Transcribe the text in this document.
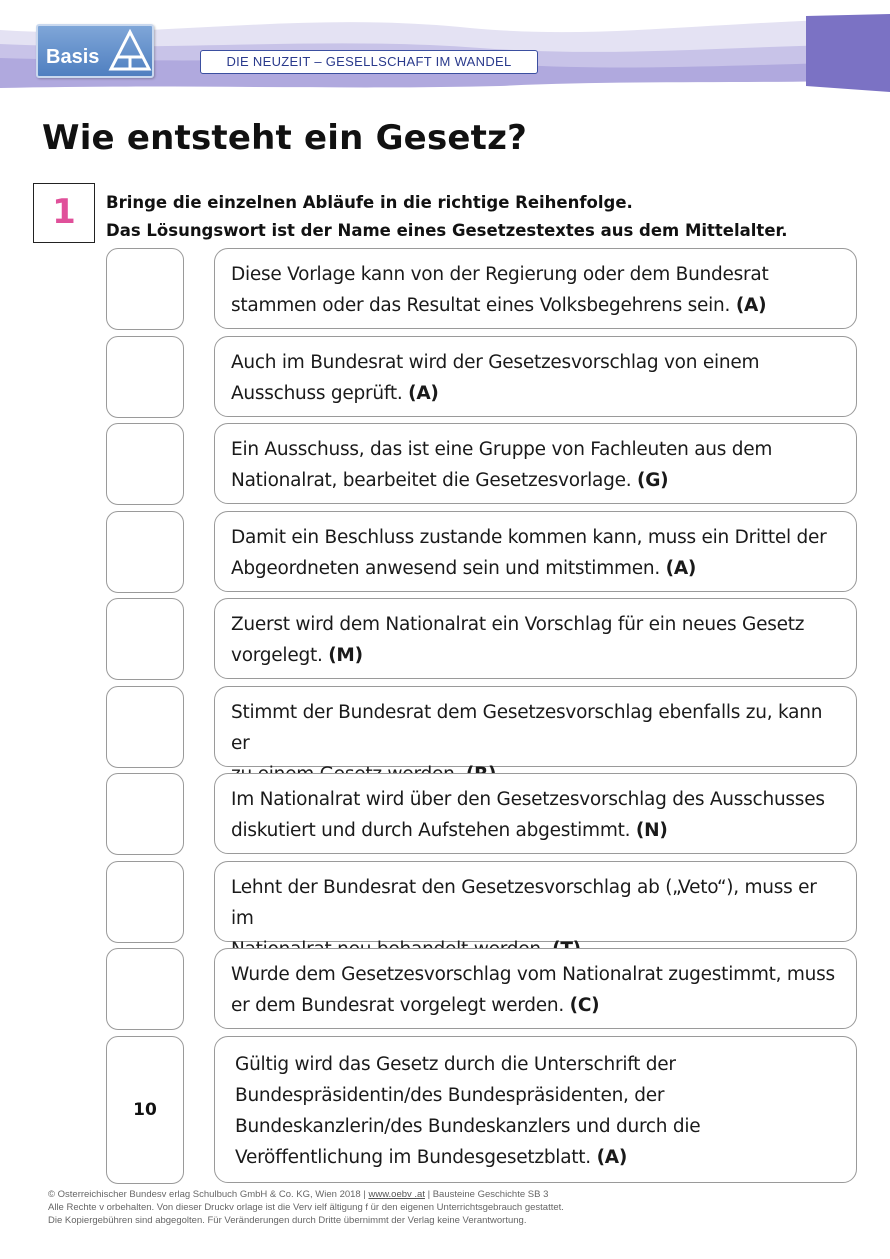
Basis	DIE NEUZEIT – GESELLSCHAFT IM WANDEL
Wie entsteht ein Gesetz?
1	Bringe die einzelnen Abläufe in die richtige Reihenfolge.
Das Lösungswort ist der Name eines Gesetzestextes aus dem Mittelalter.
Diese Vorlage kann von der Regierung oder dem Bundesrat
stammen oder das Resultat eines Volksbegehrens sein. (A)
Auch im Bundesrat wird der Gesetzesvorschlag von einem
Ausschuss geprüft. (A)
Ein Ausschuss, das ist eine Gruppe von Fachleuten aus dem
Nationalrat, bearbeitet die Gesetzesvorlage. (G)
Damit ein Beschluss zustande kommen kann, muss ein Drittel der
Abgeordneten anwesend sein und mitstimmen. (A)
Zuerst wird dem Nationalrat ein Vorschlag für ein neues Gesetz
vorgelegt. (M)
Stimmt der Bundesrat dem Gesetzesvorschlag ebenfalls zu, kann er
Im Nationalrat wird über den Gesetzesvorschlag des Ausschusses
diskutiert und durch Aufstehen abgestimmt. (N)
Lehnt der Bundesrat den Gesetzesvorschlag ab („Veto“), muss er im
Wurde dem Gesetzesvorschlag vom Nationalrat zugestimmt, muss
er dem Bundesrat vorgelegt werden. (C)
10
Gültig wird das Gesetz durch die Unterschrift der
Bundespräsidentin/des Bundespräsidenten, der
Bundeskanzlerin/des Bundeskanzlers und durch die
Veröffentlichung im Bundesgesetzblatt. (A)
© Osterreichischer Bundesv erlag Schulbuch GmbH & Co. KG, Wien 2018 | www.oebv .at | Bausteine Geschichte SB 3
Alle Rechte v orbehalten. Von dieser Druckv orlage ist die Verv ielf ältigung f ür den eigenen Unterrichtsgebrauch gestattet.
Die Kopiergebühren sind abgegolten. Für Veränderungen durch Dritte übernimmt der Verlag keine Verantwortung.
